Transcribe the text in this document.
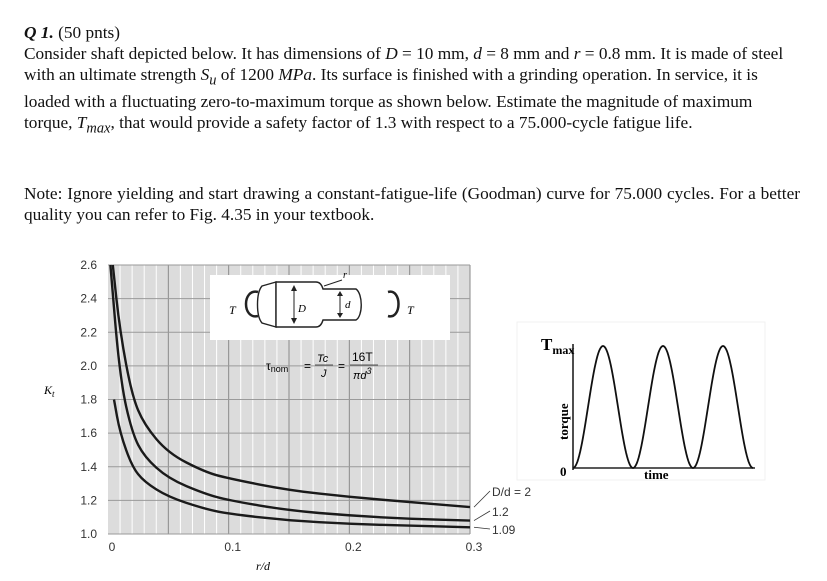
Q 1. (50 pnts)
Consider shaft depicted below. It has dimensions of D = 10 mm, d = 8 mm and r = 0.8 mm. It is made of steel with an ultimate strength $S_u$ of 1200 MPa. Its surface is finished with a grinding operation. In service, it is loaded with a fluctuating zero-to-maximum torque as shown below. Estimate the magnitude of maximum torque, $T_{max}$, that would provide a safety factor of 1.3 with respect to a 75.000-cycle fatigue life.
Note: Ignore yielding and start drawing a constant-fatigue-life (Goodman) curve for 75.000 cycles. For a better quality you can refer to Fig. 4.35 in your textbook.
1.0
1.2
1.4
1.6
1.8
2.0
2.2
2.4
2.6
0	0.1	0.2	0.3
D/d = 2
1.2
1.09
T	D	d
r
T
τnom = Tc
J
=
16T
$\pi d^3$
$K_t$
r/d
$T_{max}$
0	time
torque
